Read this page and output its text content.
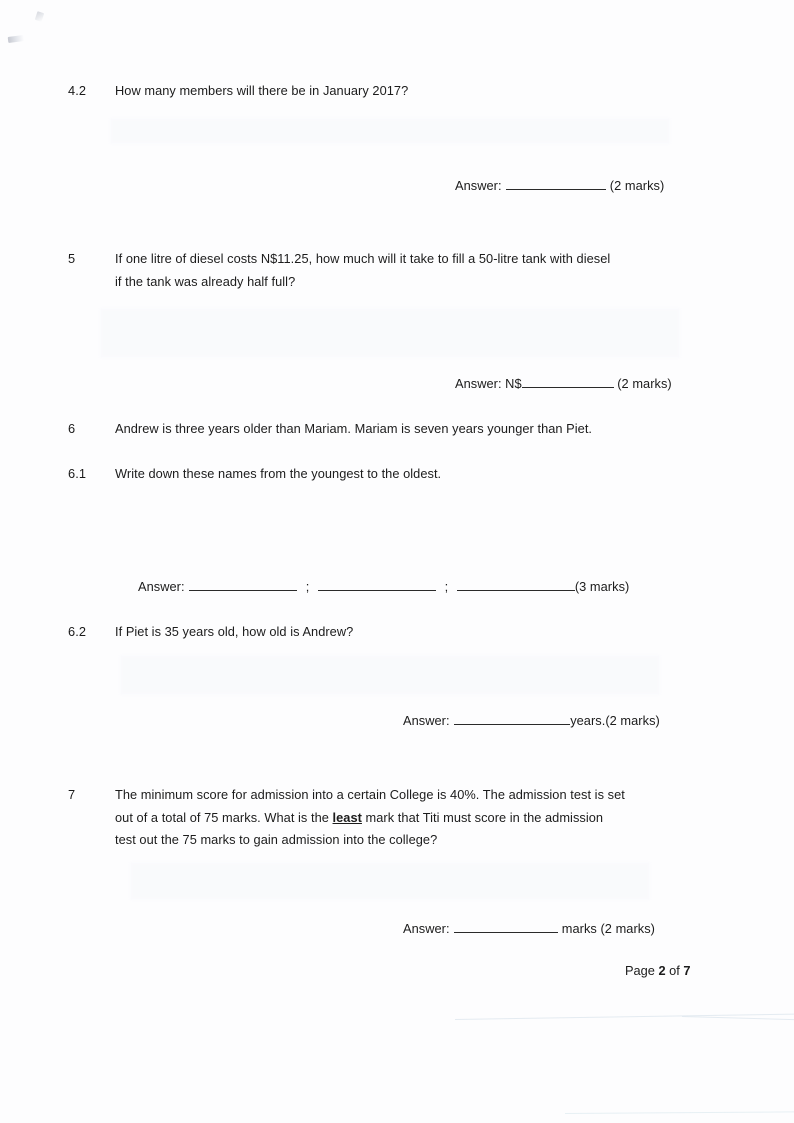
4.2	How many members will there be in January 2017?
Answer:	(2 marks)
5	If one litre of diesel costs N$11.25, how much will it take to fill a 50-litre tank with diesel
if the tank was already half full?
Answer: N$	(2 marks)
6	Andrew is three years older than Mariam. Mariam is seven years younger than Piet.
6.1	Write down these names from the youngest to the oldest.
Answer:	;	;	(3 marks)
6.2	If Piet is 35 years old, how old is Andrew?
Answer:	years.(2 marks)
7	The minimum score for admission into a certain College is 40%. The admission test is set
out of a total of 75 marks. What is the least mark that Titi must score in the admission
test out the 75 marks to gain admission into the college?
Answer:	marks (2 marks)
Page 2 of 7
